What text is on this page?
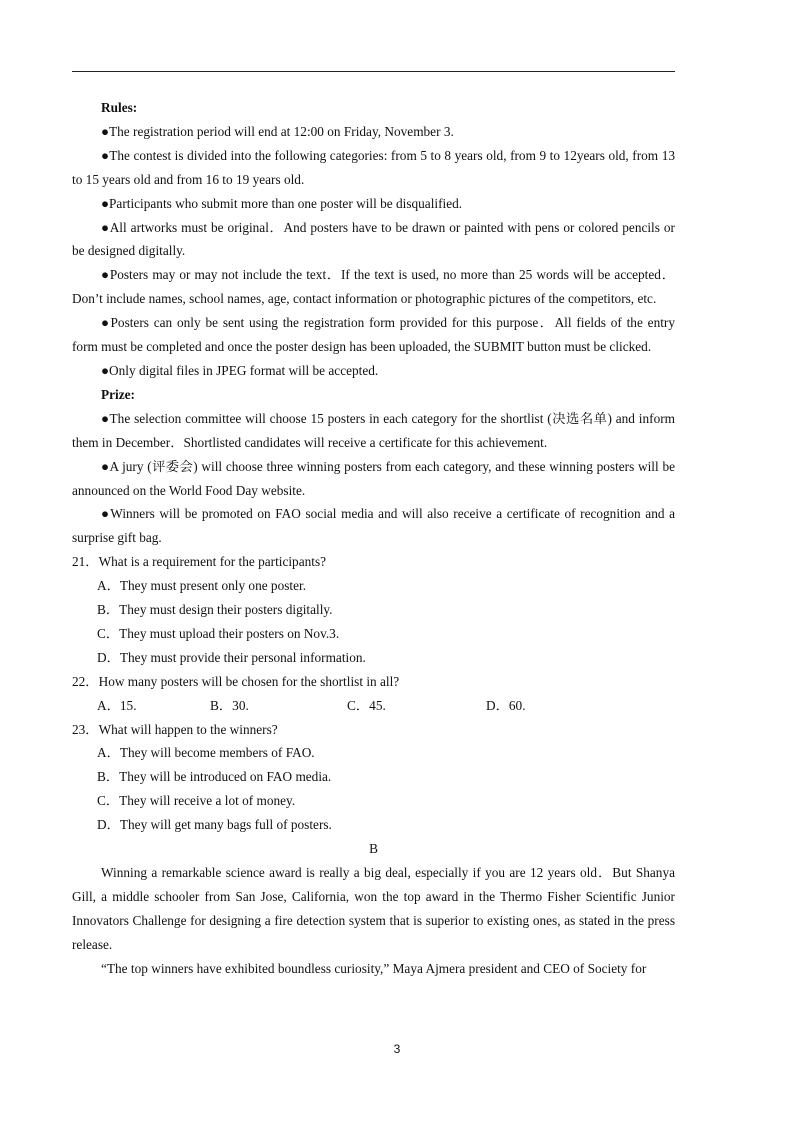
Rules:

●The registration period will end at 12:00 on Friday, November 3.

●The contest is divided into the following categories: from 5 to 8 years old, from 9 to 12years old, from 13 to 15 years old and from 16 to 19 years old.

●Participants who submit more than one poster will be disqualified.

●All artworks must be original．And posters have to be drawn or painted with pens or colored pencils or be designed digitally.

●Posters may or may not include the text．If the text is used, no more than 25 words will be accepted．Don’t include names, school names, age, contact information or photographic pictures of the competitors, etc.

●Posters can only be sent using the registration form provided for this purpose．All fields of the entry form must be completed and once the poster design has been uploaded, the SUBMIT button must be clicked.

●Only digital files in JPEG format will be accepted.

Prize:

●The selection committee will choose 15 posters in each category for the shortlist (决选名单) and inform them in December．Shortlisted candidates will receive a certificate for this achievement.

●A jury (评委会) will choose three winning posters from each category, and these winning posters will be announced on the World Food Day website.

●Winners will be promoted on FAO social media and will also receive a certificate of recognition and a surprise gift bag.

21．What is a requirement for the participants?

A．They must present only one poster.

B．They must design their posters digitally.

C．They must upload their posters on Nov.3.

D．They must provide their personal information.

22．How many posters will be chosen for the shortlist in all?

A．15.	B．30.	C．45.	D．60.

23．What will happen to the winners?

A．They will become members of FAO.

B．They will be introduced on FAO media.

C．They will receive a lot of money.

D．They will get many bags full of posters.

B

Winning a remarkable science award is really a big deal, especially if you are 12 years old．But Shanya Gill, a middle schooler from San Jose, California, won the top award in the Thermo Fisher Scientific Junior Innovators Challenge for designing a fire detection system that is superior to existing ones, as stated in the press release.

“The top winners have exhibited boundless curiosity,” Maya Ajmera president and CEO of Society for

3
